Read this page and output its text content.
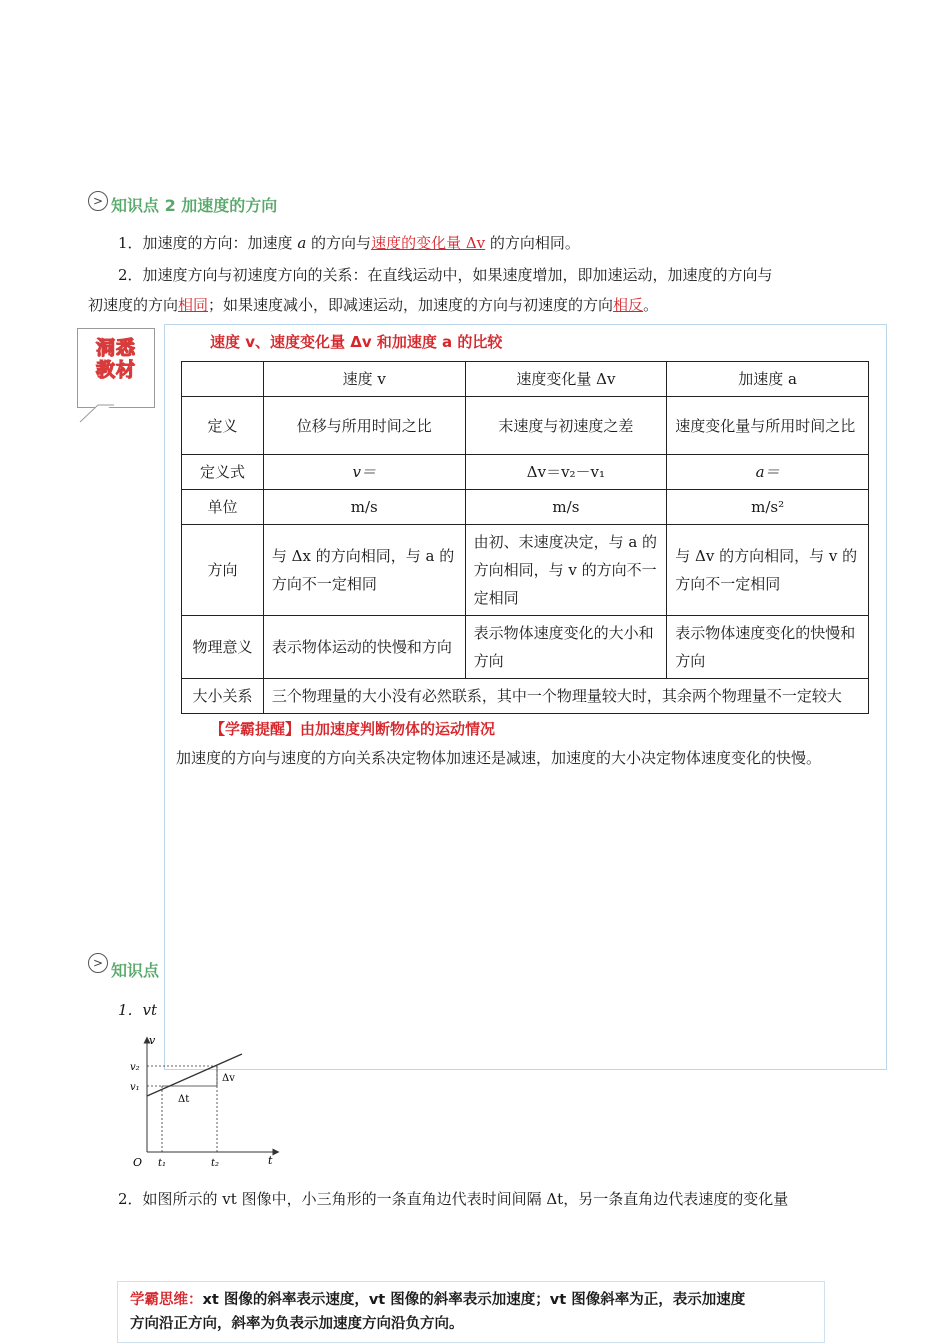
> 知识点 2 加速度的方向
1．加速度的方向：加速度 a 的方向与速度的变化量 Δv 的方向相同。
2．加速度方向与初速度方向的关系：在直线运动中，如果速度增加，即加速运动，加速度的方向与
初速度的方向相同；如果速度减小，即减速运动，加速度的方向与初速度的方向相反。
洞悉
教材
速度 v、速度变化量 Δv 和加速度 a 的比较
	速度 v	速度变化量 Δv	加速度 a
定义	位移与所用时间之比	末速度与初速度之差	速度变化量与所用时间之比
定义式	v＝	Δv＝v₂－v₁	a＝
单位	m/s	m/s	m/s²
方向	与 Δx 的方向相同，与 a 的方向不一定相同	由初、末速度决定，与 a 的方向相同，与 v 的方向不一定相同	与 Δv 的方向相同，与 v 的方向不一定相同
物理意义	表示物体运动的快慢和方向	表示物体速度变化的大小和方向	表示物体速度变化的快慢和方向
大小关系	三个物理量的大小没有必然联系，其中一个物理量较大时，其余两个物理量不一定较大		
【学霸提醒】由加速度判断物体的运动情况
加速度的方向与速度的方向关系决定物体加速还是减速，加速度的大小决定物体速度变化的快慢。
> 知识点
1．vt
v
t
O
v₂
v₁
t₁	t₂
Δv
Δt
2．如图所示的 vt 图像中，小三角形的一条直角边代表时间间隔 Δt，另一条直角边代表速度的变化量
学霸思维：xt 图像的斜率表示速度，vt 图像的斜率表示加速度；vt 图像斜率为正，表示加速度
方向沿正方向，斜率为负表示加速度方向沿负方向。
